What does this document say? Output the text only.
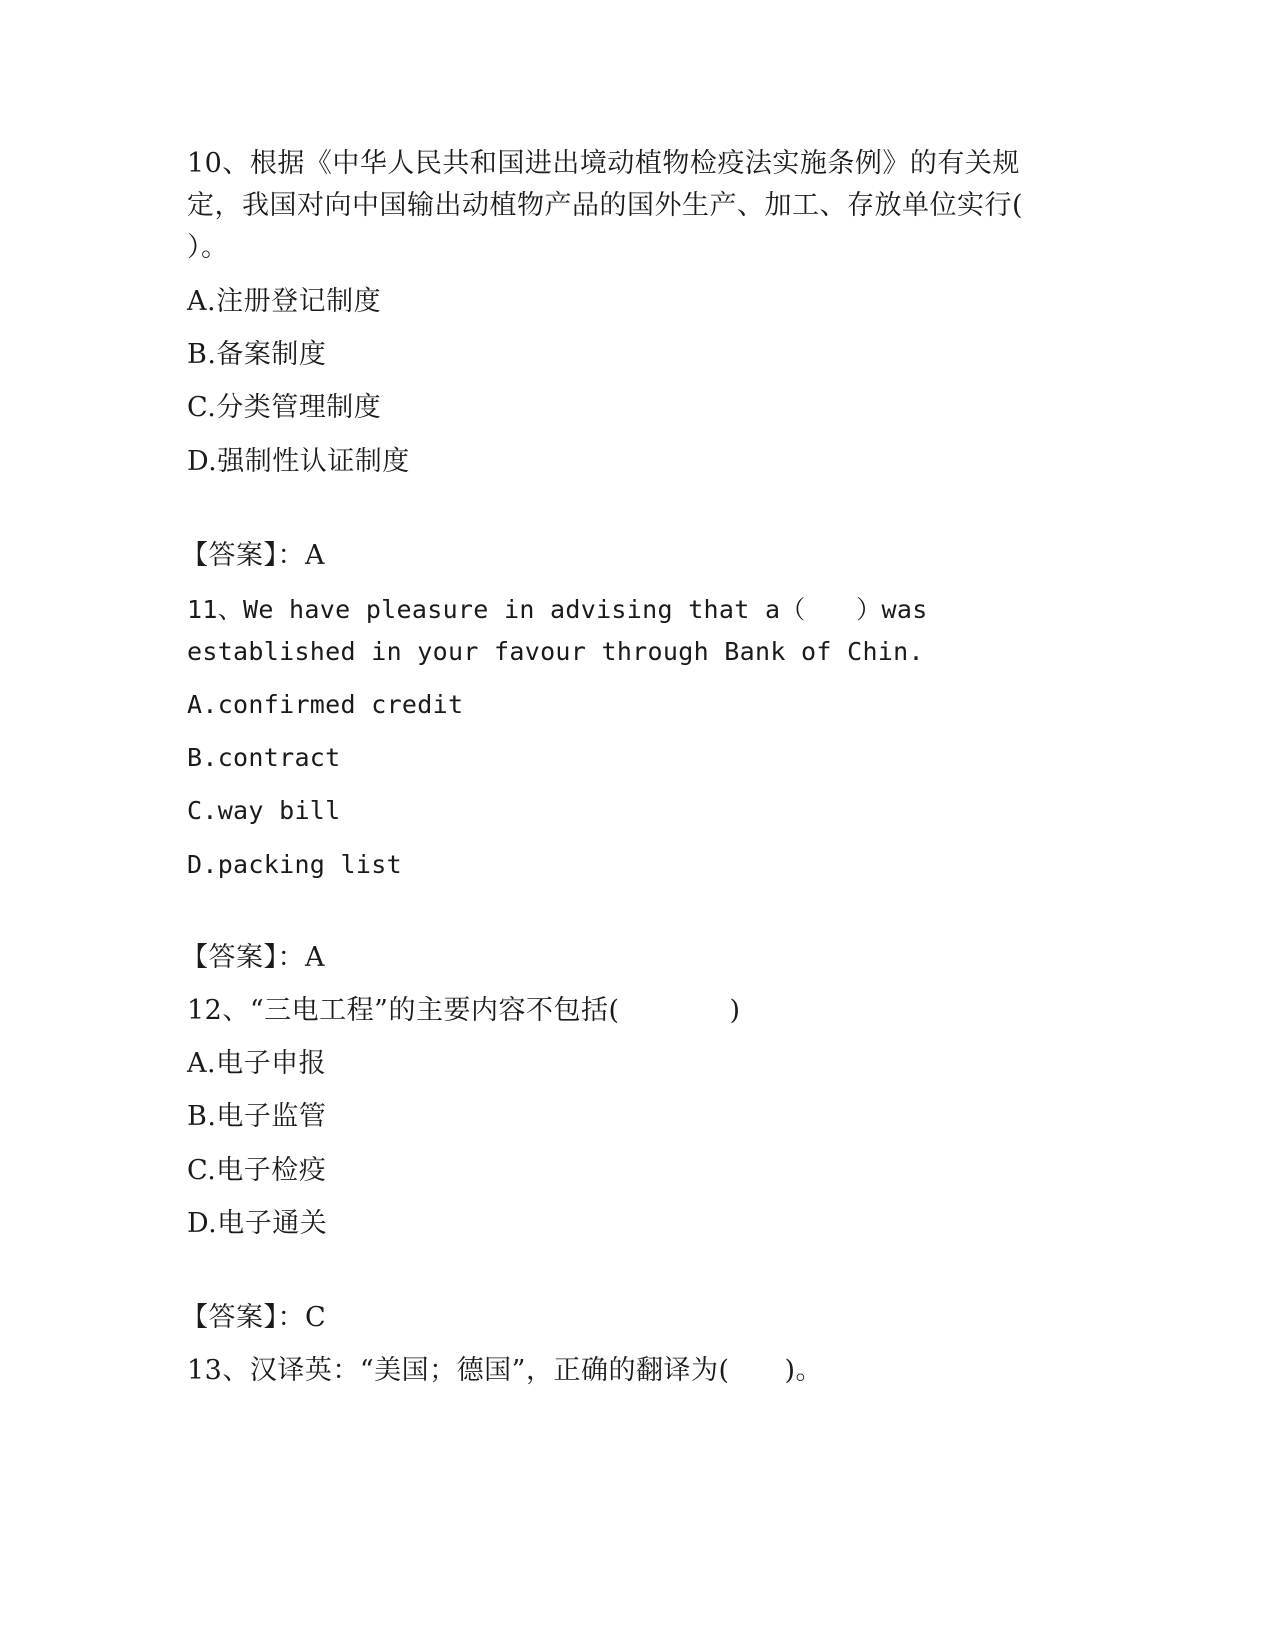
10、根据《中华人民共和国进出境动植物检疫法实施条例》的有关规
定，我国对向中国输出动植物产品的国外生产、加工、存放单位实行(
）。
A.注册登记制度
B.备案制度
C.分类管理制度
D.强制性认证制度
【答案】：A
11、We have pleasure in advising that a（　　）was
established in your favour through Bank of Chin.
A.confirmed credit
B.contract
C.way bill
D.packing list
【答案】：A
12、“三电工程”的主要内容不包括(　　　　)
A.电子申报
B.电子监管
C.电子检疫
D.电子通关
【答案】：C
13、汉译英：“美国；德国”，正确的翻译为(　　)。
